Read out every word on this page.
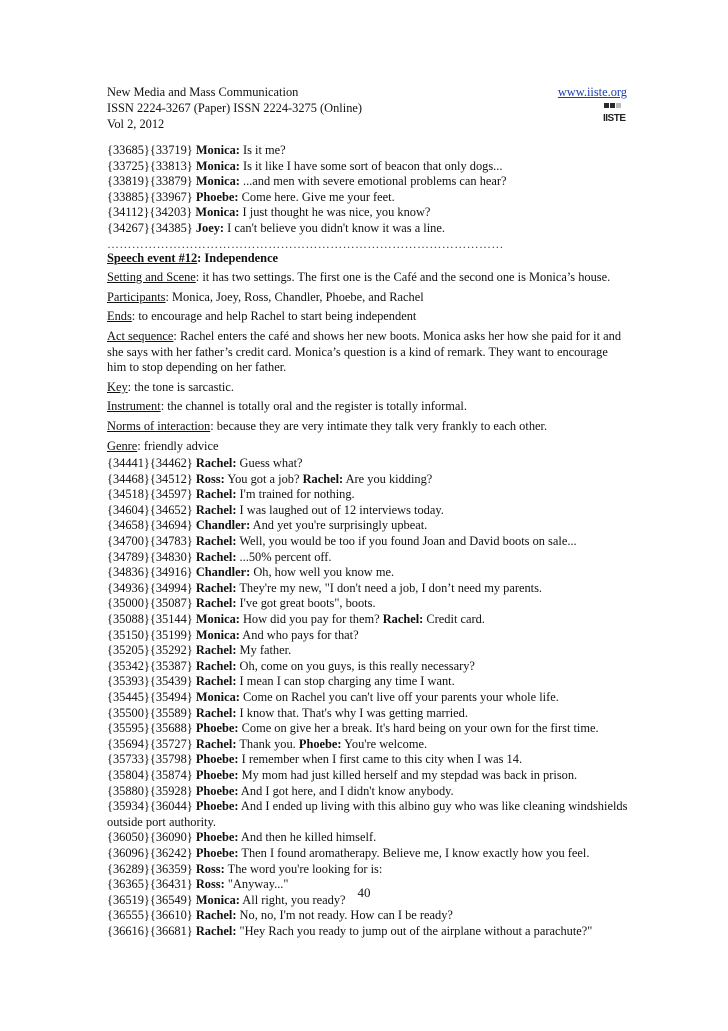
New Media and Mass Communication
ISSN 2224-3267 (Paper) ISSN 2224-3275 (Online)
Vol 2, 2012
www.iiste.org
IISTE
{33685}{33719} Monica: Is it me?
{33725}{33813} Monica: Is it like I have some sort of beacon that only dogs...
{33819}{33879} Monica: ...and men with severe emotional problems can hear?
{33885}{33967} Phoebe: Come here. Give me your feet.
{34112}{34203} Monica: I just thought he was nice, you know?
{34267}{34385} Joey: I can't believe you didn't know it was a line.
……………………………………………………………………………………

Speech event #12: Independence

Setting and Scene: it has two settings. The first one is the Café and the second one is Monica’s house.

Participants: Monica, Joey, Ross, Chandler, Phoebe, and Rachel

Ends: to encourage and help Rachel to start being independent

Act sequence: Rachel enters the café and shows her new boots. Monica asks her how she paid for it and she says with her father’s credit card. Monica’s question is a kind of remark. They want to encourage him to stop depending on her father.

Key: the tone is sarcastic.

Instrument: the channel is totally oral and the register is totally informal.

Norms of interaction: because they are very intimate they talk very frankly to each other.

Genre: friendly advice

{34441}{34462} Rachel: Guess what?
{34468}{34512} Ross: You got a job? Rachel: Are you kidding?
{34518}{34597} Rachel: I'm trained for nothing.
{34604}{34652} Rachel: I was laughed out of 12 interviews today.
{34658}{34694} Chandler: And yet you're surprisingly upbeat.
{34700}{34783} Rachel: Well, you would be too if you found Joan and David boots on sale...
{34789}{34830} Rachel: ...50% percent off.
{34836}{34916} Chandler: Oh, how well you know me.
{34936}{34994} Rachel: They're my new, "I don't need a job, I don’t need my parents.
{35000}{35087} Rachel: I've got great boots", boots.
{35088}{35144} Monica: How did you pay for them? Rachel: Credit card.
{35150}{35199} Monica: And who pays for that?
{35205}{35292} Rachel: My father.
{35342}{35387} Rachel: Oh, come on you guys, is this really necessary?
{35393}{35439} Rachel: I mean I can stop charging any time I want.
{35445}{35494} Monica: Come on Rachel you can't live off your parents your whole life.
{35500}{35589} Rachel: I know that. That's why I was getting married.
{35595}{35688} Phoebe: Come on give her a break. It's hard being on your own for the first time.
{35694}{35727} Rachel: Thank you. Phoebe: You're welcome.
{35733}{35798} Phoebe: I remember when I first came to this city when I was 14.
{35804}{35874} Phoebe: My mom had just killed herself and my stepdad was back in prison.
{35880}{35928} Phoebe: And I got here, and I didn't know anybody.
{35934}{36044} Phoebe: And I ended up living with this albino guy who was like cleaning windshields
outside port authority.
{36050}{36090} Phoebe: And then he killed himself.
{36096}{36242} Phoebe: Then I found aromatherapy. Believe me, I know exactly how you feel.
{36289}{36359} Ross: The word you're looking for is:
{36365}{36431} Ross: "Anyway..."
{36519}{36549} Monica: All right, you ready?
{36555}{36610} Rachel: No, no, I'm not ready. How can I be ready?
{36616}{36681} Rachel: "Hey Rach you ready to jump out of the airplane without a parachute?"
40
